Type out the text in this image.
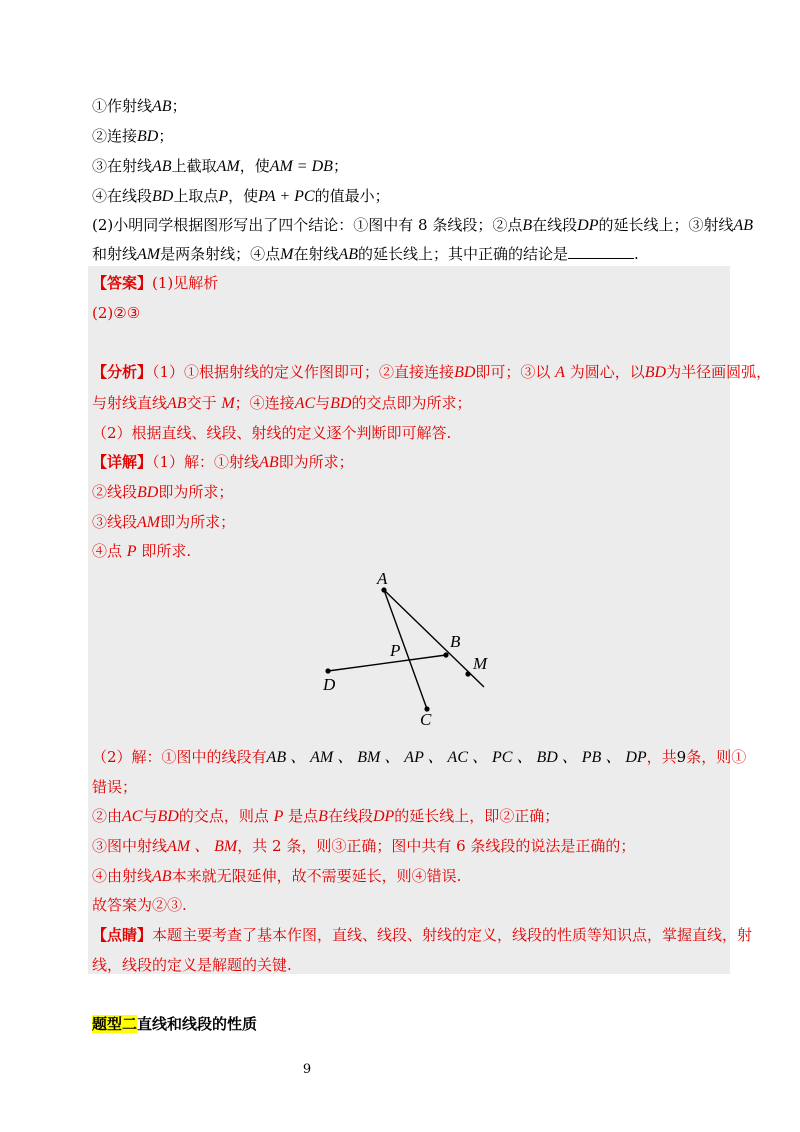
①作射线AB；
②连接BD；
③在射线AB上截取AM，使AM = DB；
④在线段BD上取点P，使PA + PC的值最小；
(2)小明同学根据图形写出了四个结论：①图中有 8 条线段；②点B在线段DP的延长线上；③射线AB
和射线AM是两条射线；④点M在射线AB的延长线上；其中正确的结论是	.
【答案】(1)见解析
(2)②③
【分析】（1）①根据射线的定义作图即可；②直接连接BD即可；③以 A 为圆心，以BD为半径画圆弧，
与射线直线AB交于 M；④连接AC与BD的交点即为所求；
（2）根据直线、线段、射线的定义逐个判断即可解答.
【详解】（1）解：①射线AB即为所求；
②线段BD即为所求；
③线段AM即为所求；
④点 P 即所求.
A
B
P
M
D
C
（2）解：①图中的线段有AB 、 AM 、 BM 、 AP 、 AC 、 PC 、 BD 、 PB 、 DP，共9条，则①
错误；
②由AC与BD的交点，则点 P 是点B在线段DP的延长线上，即②正确；
③图中射线AM 、 BM，共 2 条，则③正确；图中共有 6 条线段的说法是正确的；
④由射线AB本来就无限延伸，故不需要延长，则④错误.
故答案为②③.
【点睛】本题主要考查了基本作图，直线、线段、射线的定义，线段的性质等知识点，掌握直线，射
线，线段的定义是解题的关键.
题型二直线和线段的性质
9
